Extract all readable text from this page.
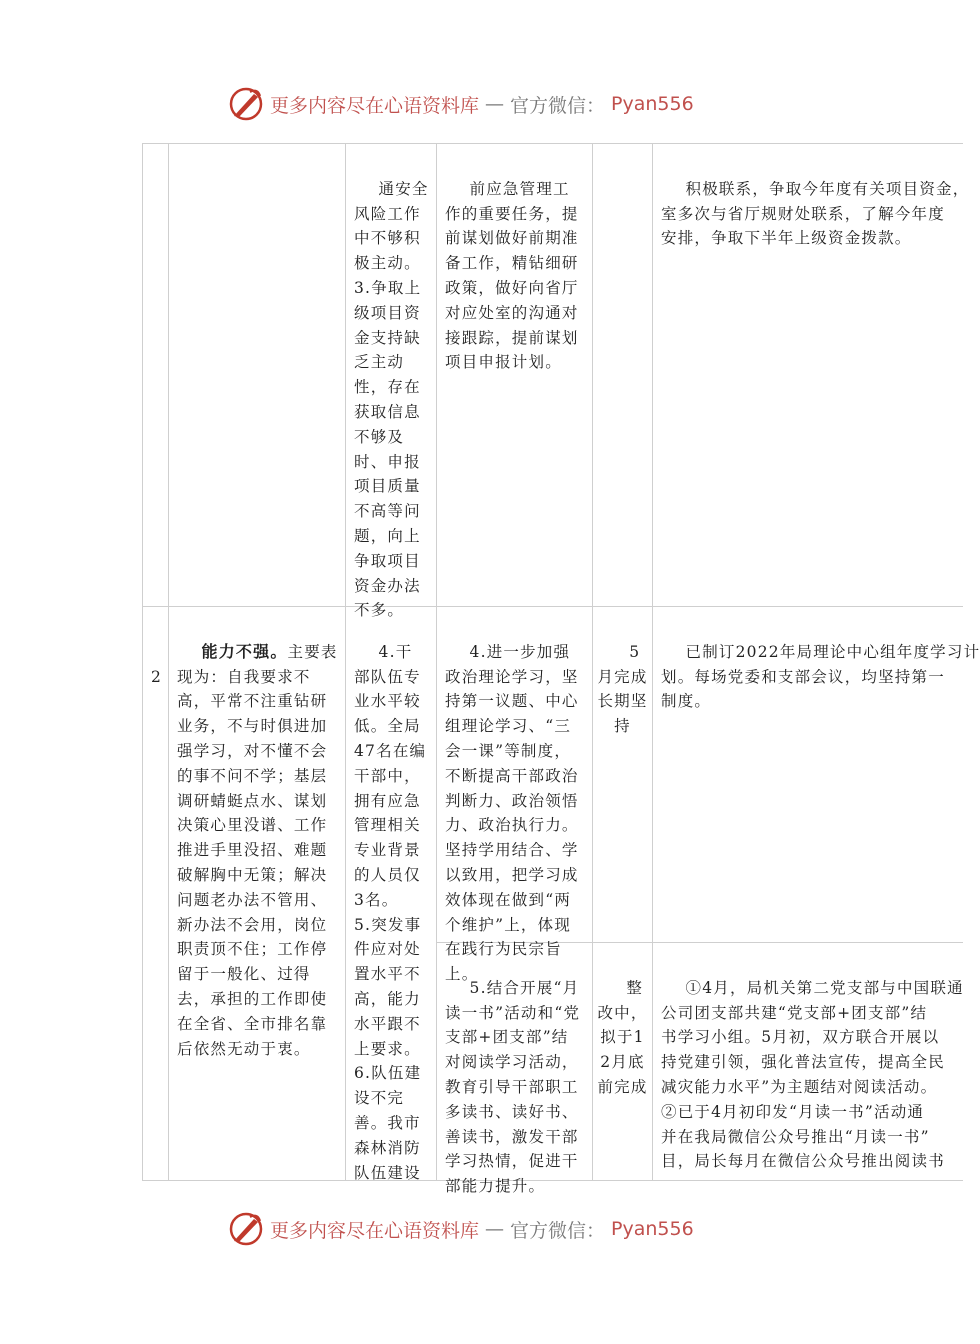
更多内容尽在心语资料库 — 官方微信： Pyan556

通安全风险工作中不够积极主动。
3.争取上级项目资金支持缺乏主动性，存在获取信息不够及时、申报项目质量不高等问题，向上争取项目资金办法不多。

前应急管理工作的重要任务，提前谋划做好前期准备工作，精钻细研政策，做好向省厅对应处室的沟通对接跟踪，提前谋划项目申报计划。

积极联系，争取今年度有关项目资金，
室多次与省厅规财处联系，了解今年度
安排，争取下半年上级资金拨款。

2

能力不强。主要表现为：自我要求不高，平常不注重钻研业务，不与时俱进加强学习，对不懂不会的事不问不学；基层调研蜻蜓点水、谋划决策心里没谱、工作推进手里没招、难题破解胸中无策；解决问题老办法不管用、新办法不会用，岗位职责顶不住；工作停留于一般化、过得去，承担的工作即使在全省、全市排名靠后依然无动于衷。

4.干部队伍专业水平较低。全局47名在编干部中，拥有应急管理相关专业背景的人员仅3名。
5.突发事件应对处置水平不高，能力水平跟不上要求。
6.队伍建设不完善。我市森林消防队伍建设

4.进一步加强政治理论学习，坚持第一议题、中心组理论学习、“三会一课”等制度，不断提高干部政治判断力、政治领悟力、政治执行力。坚持学用结合、学以致用，把学习成效体现在做到“两个维护”上，体现在践行为民宗旨上。

5月完成
长期坚持

已制订2022年局理论中心组年度学习计
划。每场党委和支部会议，均坚持第一
制度。

5.结合开展“月读一书”活动和“党支部+团支部”结对阅读学习活动，教育引导干部职工多读书、读好书、善读书，激发干部学习热情，促进干部能力提升。

整改中，拟于12月底前完成

①4月，局机关第二党支部与中国联通
公司团支部共建“党支部+团支部”结
书学习小组。5月初，双方联合开展以
持党建引领，强化普法宣传，提高全民
减灾能力水平”为主题结对阅读活动。
②已于4月初印发“月读一书”活动通
并在我局微信公众号推出“月读一书”
目，局长每月在微信公众号推出阅读书

更多内容尽在心语资料库 — 官方微信： Pyan556
